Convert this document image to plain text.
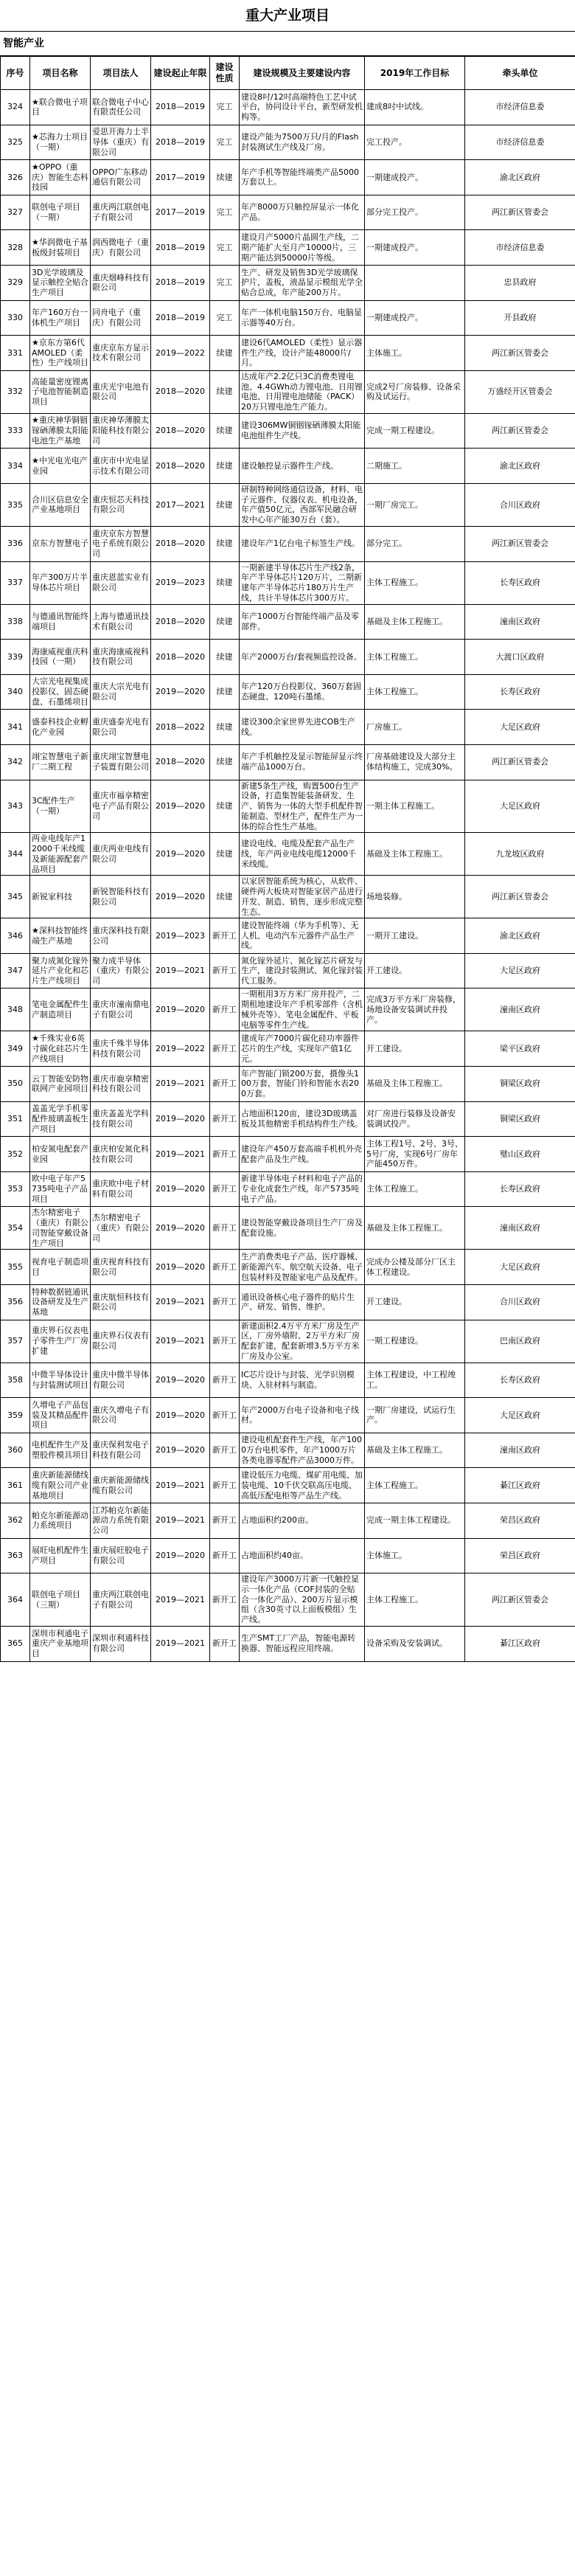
重大产业项目
智能产业
序号	项目名称	项目法人	建设起止年限	建设性质	建设规模及主要建设内容	2019年工作目标	牵头单位
324	★联合微电子项目	联合微电子中心有限责任公司	2018—2019	完工	建设8吋/12吋高端特色工艺中试平台，协同设计平台，新型研发机构等。	建成8吋中试线。	市经济信息委
325	★芯海力士项目（一期）	爱思开海力士半导体（重庆）有限公司	2018—2019	完工	建设产能为7500万只/月的Flash封装测试生产线及厂房。	完工投产。	市经济信息委
326	★OPPO（重庆）智能生态科技园	OPPO广东移动通信有限公司	2017—2019	续建	年产手机等智能终端类产品5000万套以上。	一期建成投产。	渝北区政府
327	联创电子项目（一期）	重庆两江联创电子有限公司	2017—2019	完工	年产8000万只触控屏显示一体化产品。	部分完工投产。	两江新区管委会
328	★华润微电子基板级封装项目	润西微电子（重庆）有限公司	2018—2019	完工	建设月产5000片晶圆生产线，二期产能扩大至月产10000片，三期产能达到50000片等级。	一期建成投产。	市经济信息委
329	3D光学玻璃及显示触控全贴合生产项目	重庆烟峰科技有限公司	2018—2019	完工	生产、研发及销售3D光学玻璃保护片，盖板，液晶显示模组光学全贴合总成，年产能200万片。		忠县政府
330	年产160万台一体机生产项目	同舟电子（重庆）有限公司	2018—2019	完工	年产一体机电脑150万台、电脑显示器等40万台。	一期建成投产。	开县政府
331	★京东方第6代AMOLED（柔性）生产线项目	重庆京东方显示技术有限公司	2019—2022	续建	建设6代AMOLED（柔性）显示器件生产线，设计产能48000片/月。	主体施工。	两江新区管委会
332	高能量密度锂离子电池智能制造项目	重庆光宇电池有限公司	2018—2020	续建	达成年产2.2亿只3C消费类锂电池、4.4GWh动力锂电池、日用锂电池、日用锂电池储能（PACK）20万只锂电池生产能力。	完成2号厂房装修、设备采购及试运行。	万盛经开区管委会
333	★重庆神华铜铟镓硒薄膜太阳能电池生产基地	重庆神华薄膜太阳能科技有限公司	2018—2020	续建	建设306MW铜铟镓硒薄膜太阳能电池组件生产线。	完成一期工程建设。	两江新区管委会
334	★中光电光电产业园	重庆市中光电显示技术有限公司	2018—2020	续建	建设触控显示器件生产线。	二期施工。	渝北区政府
335	合川区信息安全产业基地项目	重庆恒芯天科技有限公司	2017—2021	续建	研制特种网络通信设备，材料、电子元器件、仪器仪表、机电设备，年产值50亿元，西部军民融合研发中心年产能30万台（套）。	一期厂房完工。	合川区政府
336	京东方智慧电子	重庆京东方智慧电子系统有限公司	2018—2020	续建	建设年产1亿台电子标签生产线。	部分完工。	两江新区管委会
337	年产300万片半导体芯片项目	重庆恩蓝实业有限公司	2019—2023	续建	一期新建半导体芯片生产线2条，年产半导体芯片120万片，二期新建年产半导体芯片180万片生产线，共计半导体芯片300万片。	主体工程施工。	长寿区政府
338	与德通讯智能终端项目	上海与德通讯技术有限公司	2018—2020	续建	年产1000万台智能终端产品及零部件。	基础及主体工程施工。	潼南区政府
339	海康威视重庆科技园（一期）	重庆海康威视科技有限公司	2018—2020	续建	年产2000万台/套视频监控设备。	主体工程施工。	大渡口区政府
340	大宗光电视集成投影仪、固态硬盘、石墨烯项目	重庆大宗光电有限公司	2019—2020	续建	年产120万台投影仪、360万套固态硬盘、120吨石墨烯。	主体工程施工。	长寿区政府
341	盛泰科技企业孵化产业园	重庆盛泰光电有限公司	2018—2022	续建	建设300余家世界先进COB生产线。	厂房施工。	大足区政府
342	翊宝智慧电子新厂二期工程	重庆翊宝智慧电子装置有限公司	2018—2020	续建	年产手机触控及显示智能屏显示终端产品1000万台。	厂房基础建设及大部分主体结构施工，完成30%。	两江新区管委会
343	3C配件生产（一期）	重庆市福享精密电子产品有限公司	2019—2020	续建	新建5条生产线，购置500台生产设备，打造集智能装备研发、生产、销售为一体的大型手机配件智能制造、型材生产，配件生产为一体的综合性生产基地。	一期主体工程施工。	大足区政府
344	两业电线年产12000千米线缆及新能源配套产品项目	重庆两业电线有限公司	2019—2020	续建	建设电线、电缆及配套产品生产线，年产两业电线电缆12000千米线缆。	基础及主体工程施工。	九龙坡区政府
345	新锐家科技	新锐智能科技有限公司	2019—2020	续建	以家居智能系统为核心，从软件、硬件两大板块对智能家居产品进行开发、制造、销售，逐步形成完整生态。	场地装修。	两江新区管委会
346	★深科技智能终端生产基地	重庆深科技有限公司	2019—2023	新开工	建设智能终端（华为手机等）、无人机、电动汽车元器件产品生产线。	一期开工建设。	渝北区政府
347	聚力成氮化镓外延片产业化和芯片生产线项目	聚力成半导体（重庆）有限公司	2019—2021	新开工	氮化镓外延片、氮化镓芯片研发与生产，建设封装测试、氮化镓封装代工服务。	开工建设。	大足区政府
348	笔电金属配件生产制造项目	重庆市潼南鼎电子有限公司	2019—2020	新开工	一期租用3万方米厂房并投产，二期租地建设年产手机零部件（含机械外壳等）、笔电金属配件、平板电脑等零件生产线。	完成3万平方米厂房装修，场地设备安装调试并投产。	潼南区政府
349	★千殊实业6英寸碳化硅芯片生产线项目	重庆千殊半导体科技有限公司	2019—2022	新开工	建成年产7000片碳化硅功率器件芯片的生产线，实现年产值1亿元。	开工建设。	梁平区政府
350	云丁智能安防物联网产业园项目	重庆市鹿享精密科技有限公司	2019—2021	新开工	年产智能门锁200万套，摄像头100万套，智能门铃和智能水表200万套。	基础及主体工程施工。	铜梁区政府
351	盖盖光学手机零配件玻璃盖板生产项目	重庆盖盖光学科技有限公司	2019—2020	新开工	占地面积120亩，建设3D玻璃盖板及其他精密手机结构件生产线。	对厂房进行装修及设备安装调试投产。	铜梁区政府
352	柏安氮电配套产业园	重庆柏安氮化科技有限公司	2019—2021	新开工	建设年产450万套高端手机机外壳配套产品及生产线。	主体工程1号、2号、3号、5号厂房，实现6号厂房年产能450万件。	璧山区政府
353	欧中电子年产5735吨电子产品项目	重庆欧中电子材料有限公司	2019—2020	新开工	新建半导体电子材料和电子产品的专业化成套生产线，年产5735吨电子产品。	主体工程施工。	长寿区政府
354	杰尔精密电子（重庆）有限公司智能穿戴设备生产项目	杰尔精密电子（重庆）有限公司	2019—2020	新开工	建设智能穿戴设备项目生产厂房及配套设施。	基础及主体工程施工。	潼南区政府
355	视育电子制造项目	重庆视育科技有限公司	2019—2020	新开工	生产消费类电子产品、医疗器械、新能源汽车、航空航天设备、电子包装材料及智能家电产品及配件。	完成办公楼及部分厂区主体工程建设。	大足区政府
356	特种数据链通讯设备研发及生产基地	重庆航恒科技有限公司	2019—2021	新开工	通讯设备核心电子器件的贴片生产、研发、销售、维护。	开工建设。	合川区政府
357	重庆界石仪表电子零件生产厂房扩建	重庆界石仪表有限公司	2019—2021	新开工	新建面积2.4万平方米厂房及生产区，厂房外墙附、2万平方米厂房配套扩建，配套新增3.5万平方米厂房及办公室。	一期工程建设。	巴南区政府
358	中微半导体设计与封装测试项目	重庆中微半导体有限公司	2019—2020	新开工	IC芯片设计与封装、光学识别模块、入驻材料与制造。	主体工程建设，中工程竣工。	长寿区政府
359	久增电子产品包装及其精品配件项目	重庆久增电子有限公司	2019—2020	新开工	年产2000万台电子设备和电子线材。	一期厂房建设，试运行生产。	大足区政府
360	电机配件生产及塑胶件模具项目	重庆保利发电子科技有限公司	2019—2020	新开工	建设电机配套件生产线，年产1000万台电机零件，年产1000万片各类电器零配件产品3000万件。	基础及主体工程施工。	潼南区政府
361	重庆新能源储线缆有限公司产业基地项目	重庆新能源储线缆有限公司	2019—2021	新开工	建设低压力电缆、煤矿用电缆、加装电缆、10千伏交联高压电缆、高低压配电柜等产品生产线。	主体工程施工。	綦江区政府
362	帕克尔新能源动力系统项目	江苏帕克尔新能源动力系统有限公司	2019—2021	新开工	占地面积约200亩。	完成一期主体工程建设。	荣昌区政府
363	展旺电机配件生产项目	重庆展旺胶电子有限公司	2019—2020	新开工	占地面积约40亩。	主体施工。	荣昌区政府
364	联创电子项目（三期）	重庆两江联创电子有限公司	2019—2021	新开工	建设年产3000万片新一代触控显示一体化产品（COF封装的全贴合一体化产品）、200万片显示模组（含30英寸以上面板模组）生产线。	主体工程施工。	两江新区管委会
365	深圳市利通电子重庆产业基地项目	深圳市利通科技有限公司	2019—2021	新开工	生产SMT工厂产品，智能电源转换器、智能远程应用终端。	设备采购及安装调试。	綦江区政府
